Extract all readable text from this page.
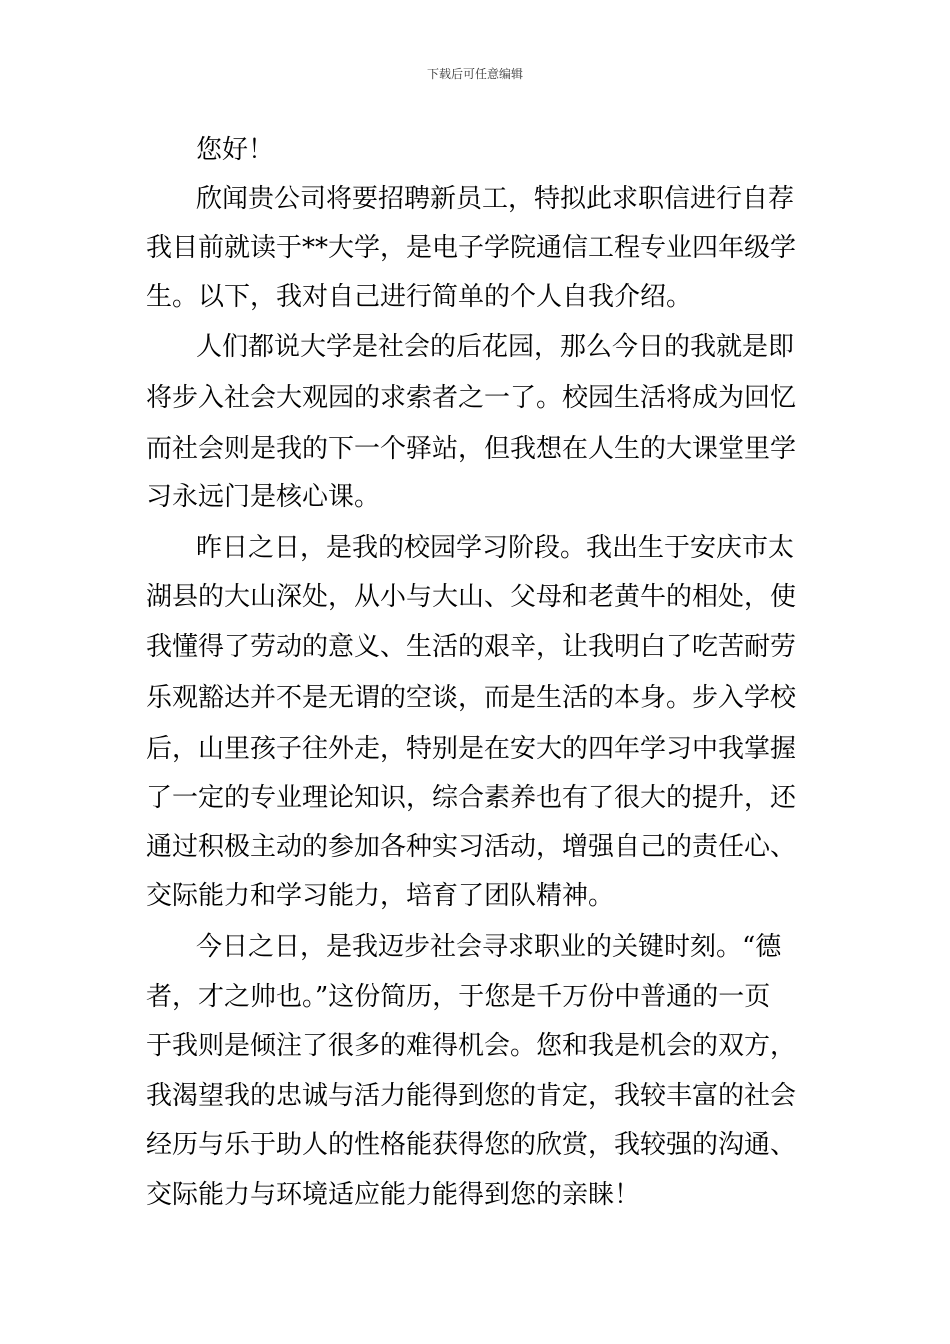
下载后可任意编辑
您好！
欣闻贵公司将要招聘新员工，特拟此求职信进行自荐
我目前就读于**大学，是电子学院通信工程专业四年级学
生。以下，我对自己进行简单的个人自我介绍。
人们都说大学是社会的后花园，那么今日的我就是即
将步入社会大观园的求索者之一了。校园生活将成为回忆
而社会则是我的下一个驿站，但我想在人生的大课堂里学
习永远门是核心课。
昨日之日，是我的校园学习阶段。我出生于安庆市太
湖县的大山深处，从小与大山、父母和老黄牛的相处，使
我懂得了劳动的意义、生活的艰辛，让我明白了吃苦耐劳
乐观豁达并不是无谓的空谈，而是生活的本身。步入学校
后，山里孩子往外走，特别是在安大的四年学习中我掌握
了一定的专业理论知识，综合素养也有了很大的提升，还
通过积极主动的参加各种实习活动，增强自己的责任心、
交际能力和学习能力，培育了团队精神。
今日之日，是我迈步社会寻求职业的关键时刻。“德
者，才之帅也。”这份简历，于您是千万份中普通的一页
于我则是倾注了很多的难得机会。您和我是机会的双方，
我渴望我的忠诚与活力能得到您的肯定，我较丰富的社会
经历与乐于助人的性格能获得您的欣赏，我较强的沟通、
交际能力与环境适应能力能得到您的亲睐！
